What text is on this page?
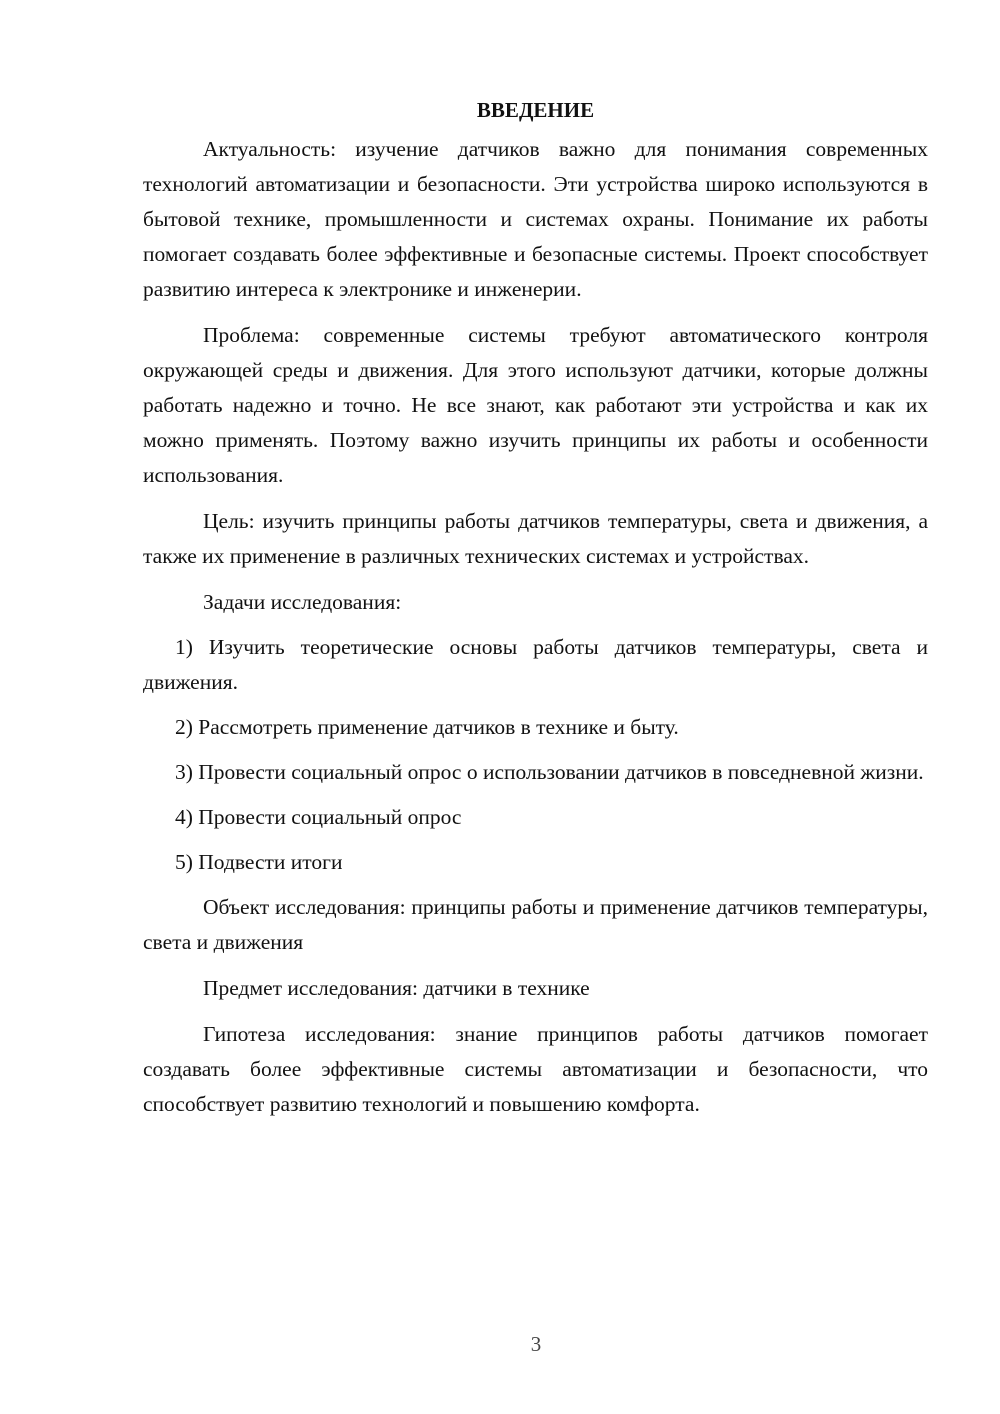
ВВЕДЕНИЕ

Актуальность: изучение датчиков важно для понимания современных технологий автоматизации и безопасности. Эти устройства широко используются в бытовой технике, промышленности и системах охраны. Понимание их работы помогает создавать более эффективные и безопасные системы. Проект способствует развитию интереса к электронике и инженерии.

Проблема: современные системы требуют автоматического контроля окружающей среды и движения. Для этого используют датчики, которые должны работать надежно и точно. Не все знают, как работают эти устройства и как их можно применять. Поэтому важно изучить принципы их работы и особенности использования.

Цель: изучить принципы работы датчиков температуры, света и движения, а также их применение в различных технических системах и устройствах.

Задачи исследования:

1) Изучить теоретические основы работы датчиков температуры, света и движения.

2) Рассмотреть применение датчиков в технике и быту.

3) Провести социальный опрос о использовании датчиков в повседневной жизни.

4) Провести социальный опрос

5) Подвести итоги

Объект исследования: принципы работы и применение датчиков температуры, света и движения

Предмет исследования: датчики в технике

Гипотеза исследования: знание принципов работы датчиков помогает создавать более эффективные системы автоматизации и безопасности, что способствует развитию технологий и повышению комфорта.

3
